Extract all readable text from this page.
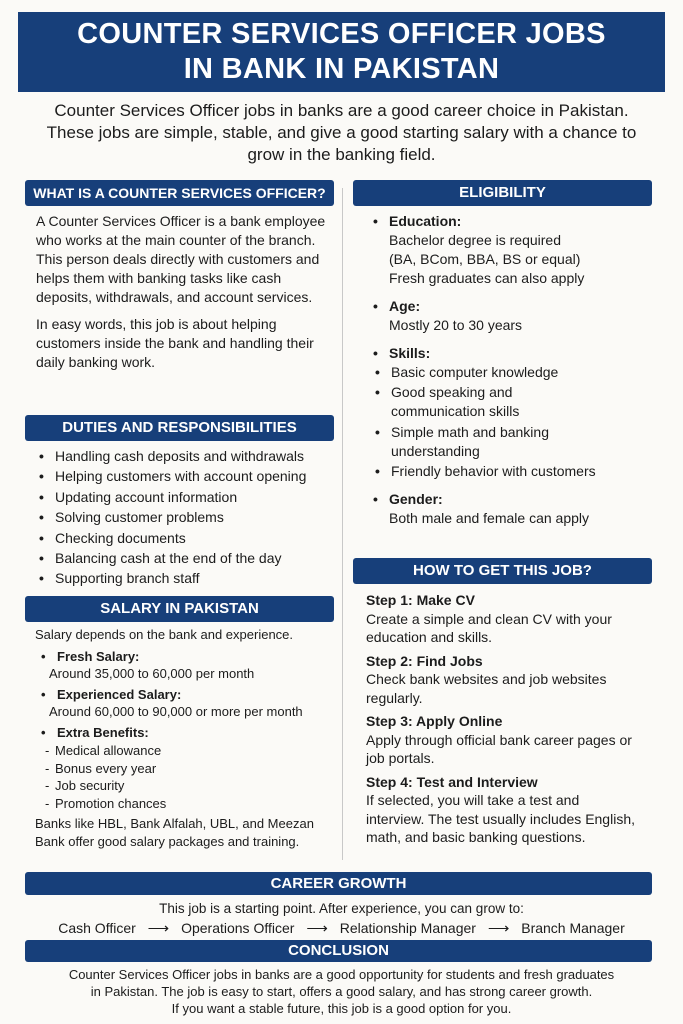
COUNTER SERVICES OFFICER JOBS
IN BANK IN PAKISTAN
Counter Services Officer jobs in banks are a good career choice in Pakistan. These jobs are simple, stable, and give a good starting salary with a chance to grow in the banking field.
WHAT IS A COUNTER SERVICES OFFICER?

A Counter Services Officer is a bank employee who works at the main counter of the branch. This person deals directly with customers and helps them with banking tasks like cash deposits, withdrawals, and account services.

In easy words, this job is about helping customers inside the bank and handling their daily banking work.

DUTIES AND RESPONSIBILITIES
• Handling cash deposits and withdrawals
• Helping customers with account opening
• Updating account information
• Solving customer problems
• Checking documents
• Balancing cash at the end of the day
• Supporting branch staff
SALARY IN PAKISTAN
Salary depends on the bank and experience.
• Fresh Salary:
Around 35,000 to 60,000 per month
• Experienced Salary:
Around 60,000 to 90,000 or more per month
• Extra Benefits:
- Medical allowance
- Bonus every year
- Job security
- Promotion chances
Banks like HBL, Bank Alfalah, UBL, and Meezan Bank offer good salary packages and training.
ELIGIBILITY
• Education:
Bachelor degree is required
(BA, BCom, BBA, BS or equal)
Fresh graduates can also apply
• Age:
Mostly 20 to 30 years
• Skills:
• Basic computer knowledge
• Good speaking and communication skills
• Simple math and banking understanding
• Friendly behavior with customers
• Gender:
Both male and female can apply
HOW TO GET THIS JOB?
Step 1: Make CV
Create a simple and clean CV with your education and skills.
Step 2: Find Jobs
Check bank websites and job websites regularly.
Step 3: Apply Online
Apply through official bank career pages or job portals.
Step 4: Test and Interview
If selected, you will take a test and interview. The test usually includes English, math, and basic banking questions.
CAREER GROWTH
This job is a starting point. After experience, you can grow to:
Cash Officer ⟶ Operations Officer ⟶ Relationship Manager ⟶ Branch Manager
CONCLUSION
Counter Services Officer jobs in banks are a good opportunity for students and fresh graduates
in Pakistan. The job is easy to start, offers a good salary, and has strong career growth.
If you want a stable future, this job is a good option for you.
